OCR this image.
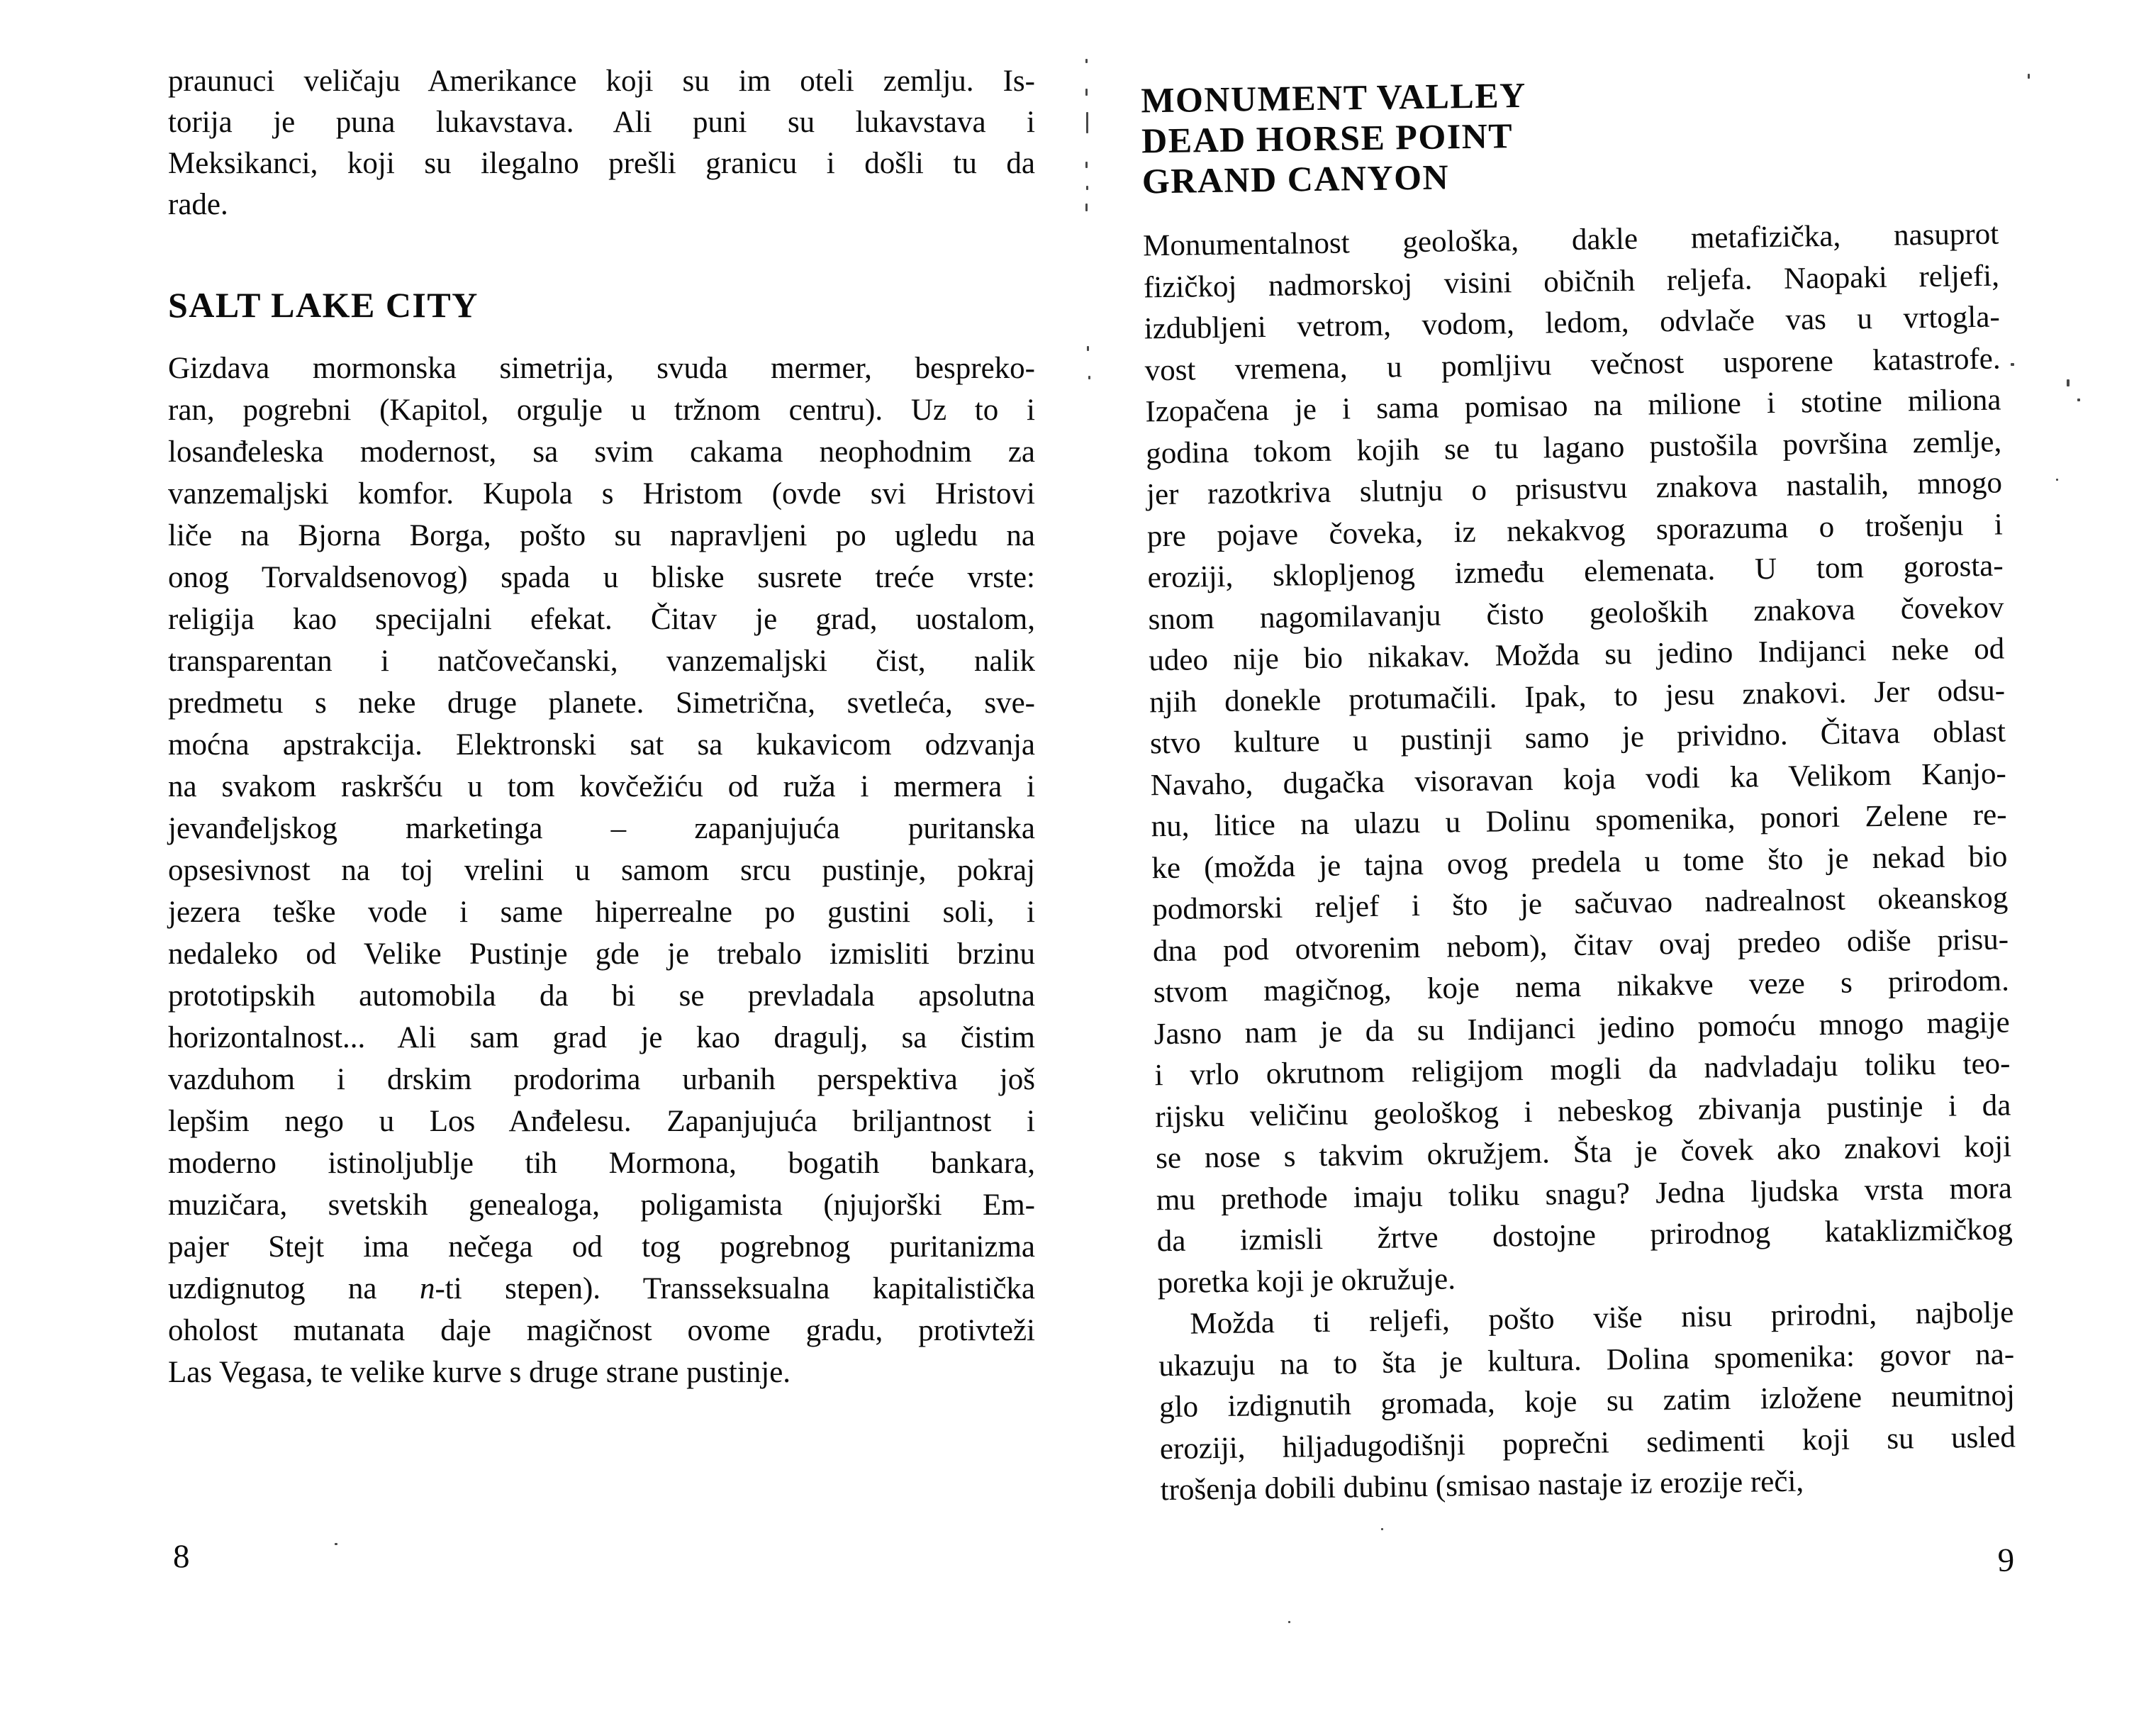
praunuci veličaju Amerikance koji su im oteli zemlju. Is-
torija je puna lukavstava. Ali puni su lukavstava i
Meksikanci, koji su ilegalno prešli granicu i došli tu da
rade.
SALT LAKE CITY
Gizdava mormonska simetrija, svuda mermer, bespreko-
ran, pogrebni (Kapitol, orgulje u tržnom centru). Uz to i
losanđeleska modernost, sa svim cakama neophodnim za
vanzemaljski komfor. Kupola s Hristom (ovde svi Hristovi
liče na Bjorna Borga, pošto su napravljeni po ugledu na
onog Torvaldsenovog) spada u bliske susrete treće vrste:
religija kao specijalni efekat. Čitav je grad, uostalom,
transparentan i natčovečanski, vanzemaljski čist, nalik
predmetu s neke druge planete. Simetrična, svetleća, sve-
moćna apstrakcija. Elektronski sat sa kukavicom odzvanja
na svakom raskršću u tom kovčežiću od ruža i mermera i
jevanđeljskog marketinga – zapanjujuća puritanska
opsesivnost na toj vrelini u samom srcu pustinje, pokraj
jezera teške vode i same hiperrealne po gustini soli, i
nedaleko od Velike Pustinje gde je trebalo izmisliti brzinu
prototipskih automobila da bi se prevladala apsolutna
horizontalnost... Ali sam grad je kao dragulj, sa čistim
vazduhom i drskim prodorima urbanih perspektiva još
lepšim nego u Los Anđelesu. Zapanjujuća briljantnost i
moderno istinoljublje tih Mormona, bogatih bankara,
muzičara, svetskih genealoga, poligamista (njujorški Em-
pajer Stejt ima nečega od tog pogrebnog puritanizma
uzdignutog na n-ti stepen). Transseksualna kapitalistička
oholost mutanata daje magičnost ovome gradu, protivteži
Las Vegasa, te velike kurve s druge strane pustinje.
8
MONUMENT VALLEY
DEAD HORSE POINT
GRAND CANYON
Monumentalnost geološka, dakle metafizička, nasuprot
fizičkoj nadmorskoj visini običnih reljefa. Naopaki reljefi,
izdubljeni vetrom, vodom, ledom, odvlače vas u vrtogla-
vost vremena, u pomljivu večnost usporene katastrofe.
Izopačena je i sama pomisao na milione i stotine miliona
godina tokom kojih se tu lagano pustošila površina zemlje,
jer razotkriva slutnju o prisustvu znakova nastalih, mnogo
pre pojave čoveka, iz nekakvog sporazuma o trošenju i
eroziji, sklopljenog između elemenata. U tom gorosta-
snom nagomilavanju čisto geoloških znakova čovekov
udeo nije bio nikakav. Možda su jedino Indijanci neke od
njih donekle protumačili. Ipak, to jesu znakovi. Jer odsu-
stvo kulture u pustinji samo je prividno. Čitava oblast
Navaho, dugačka visoravan koja vodi ka Velikom Kanjo-
nu, litice na ulazu u Dolinu spomenika, ponori Zelene re-
ke (možda je tajna ovog predela u tome što je nekad bio
podmorski reljef i što je sačuvao nadrealnost okeanskog
dna pod otvorenim nebom), čitav ovaj predeo odiše prisu-
stvom magičnog, koje nema nikakve veze s prirodom.
Jasno nam je da su Indijanci jedino pomoću mnogo magije
i vrlo okrutnom religijom mogli da nadvladaju toliku teo-
rijsku veličinu geološkog i nebeskog zbivanja pustinje i da
se nose s takvim okružjem. Šta je čovek ako znakovi koji
mu prethode imaju toliku snagu? Jedna ljudska vrsta mora
da izmisli žrtve dostojne prirodnog kataklizmičkog
poretka koji je okružuje.
Možda ti reljefi, pošto više nisu prirodni, najbolje
ukazuju na to šta je kultura. Dolina spomenika: govor na-
glo izdignutih gromada, koje su zatim izložene neumitnoj
eroziji, hiljadugodišnji poprečni sedimenti koji su usled
trošenja dobili dubinu (smisao nastaje iz erozije reči,
9
